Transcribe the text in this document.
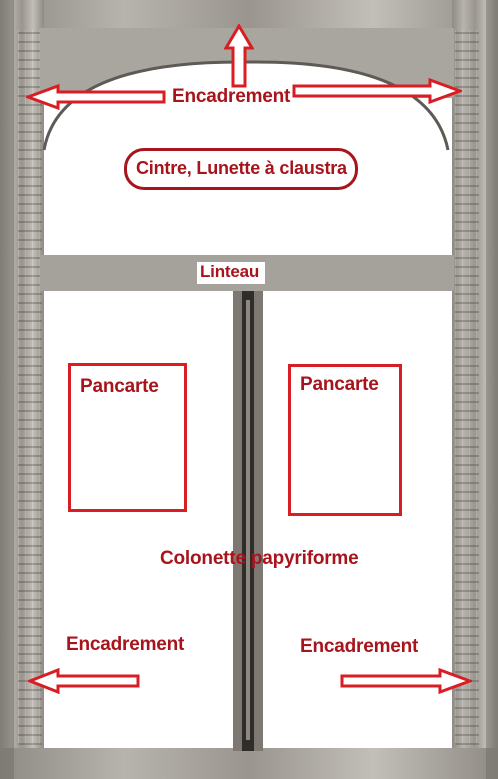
Encadrement
Cintre, Lunette à claustra
Linteau
Pancarte	Pancarte
Colonette papyriforme
Encadrement	Encadrement
